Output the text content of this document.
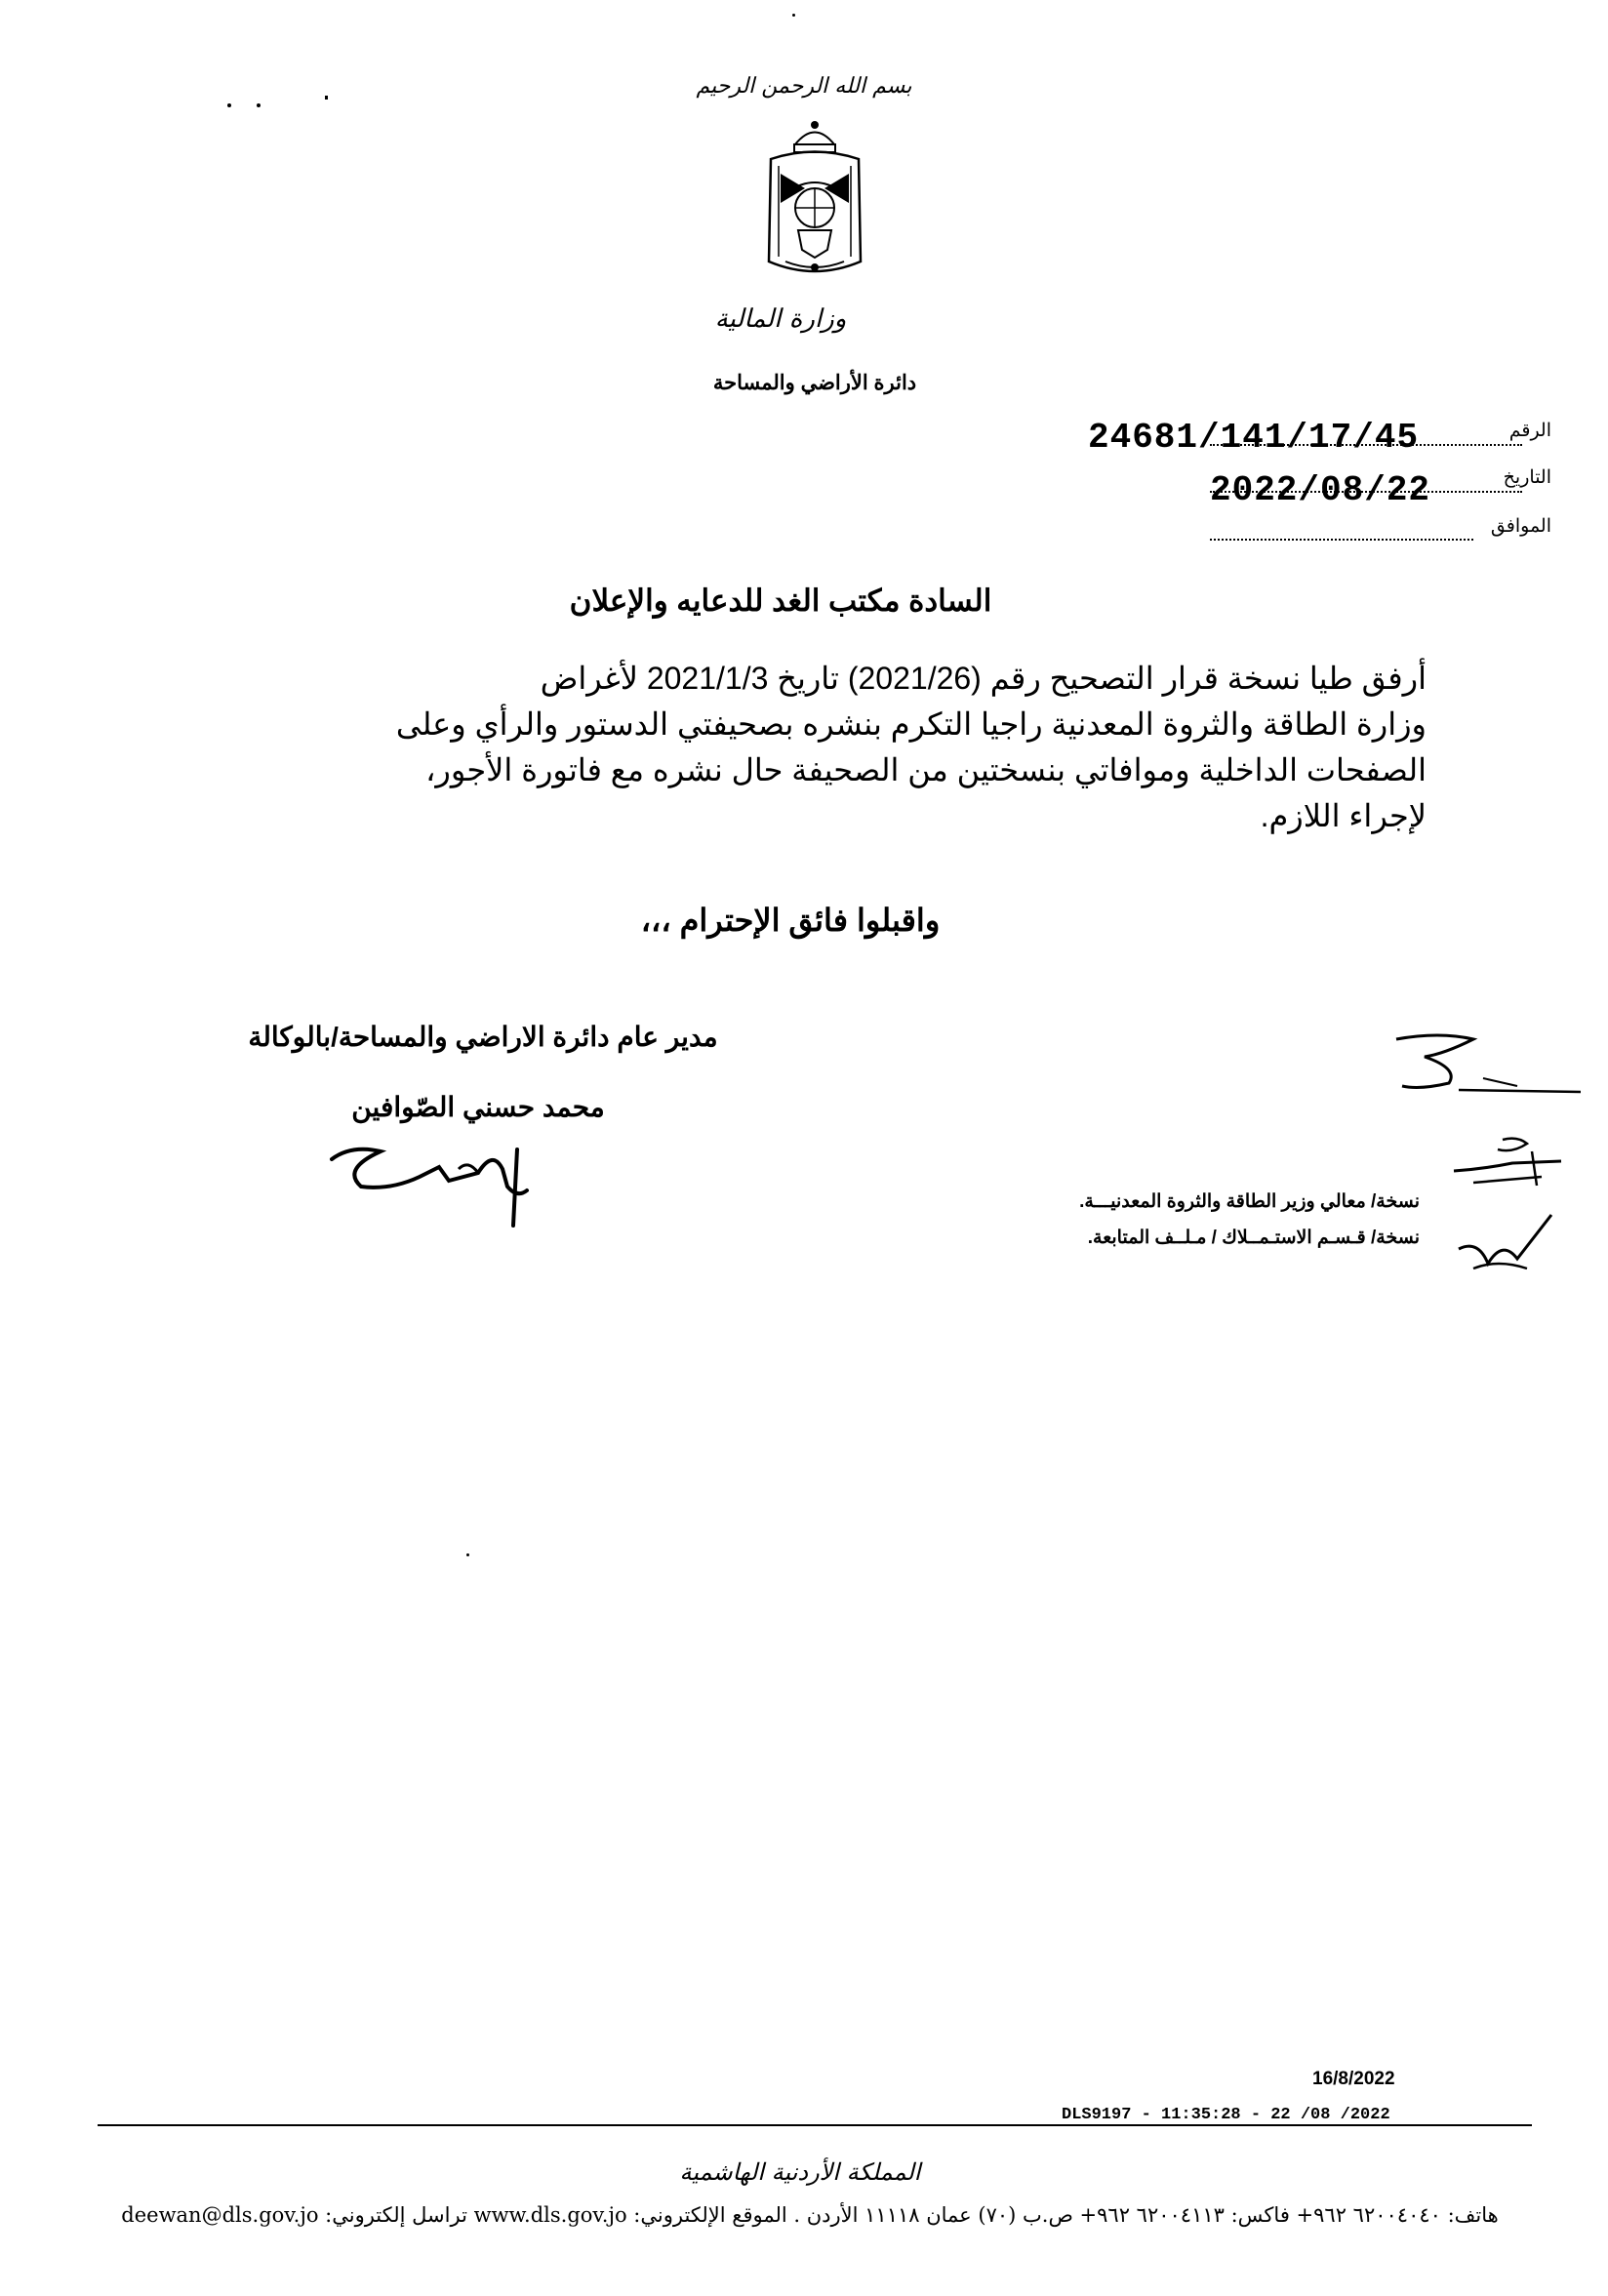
بسم الله الرحمن الرحيم
وزارة المالية
دائرة الأراضي والمساحة
الرقم
24681/141/17/45
التاريخ
2022/08/22
الموافق
السادة مكتب الغد للدعايه والإعلان
أرفق طيا نسخة قرار التصحيح رقم (2021/26) تاريخ 2021/1/3 لأغراض
وزارة الطاقة والثروة المعدنية راجيا التكرم بنشره بصحيفتي الدستور والرأي وعلى
الصفحات الداخلية وموافاتي بنسختين من الصحيفة حال نشره مع فاتورة الأجور،
لإجراء اللازم.
واقبلوا فائق الإحترام ،،،
مدير عام دائرة الاراضي والمساحة/بالوكالة
محمد حسني الصّوافين
نسخة/ معالي وزير الطاقة والثروة المعدنيـــة.
نسخة/ قـسـم الاستـمــلاك / مـلــف المتابعة.
16/8/2022
DLS9197 - 11:35:28 - 22 /08 /2022
المملكة الأردنية الهاشمية
هاتف: ٦٢٠٠٤٠٤٠ ٩٦٢+ فاكس: ٦٢٠٠٤١١٣ ٩٦٢+ ص.ب (٧٠) عمان ١١١١٨ الأردن . الموقع الإلكتروني: www.dls.gov.jo تراسل إلكتروني: deewan@dls.gov.jo
